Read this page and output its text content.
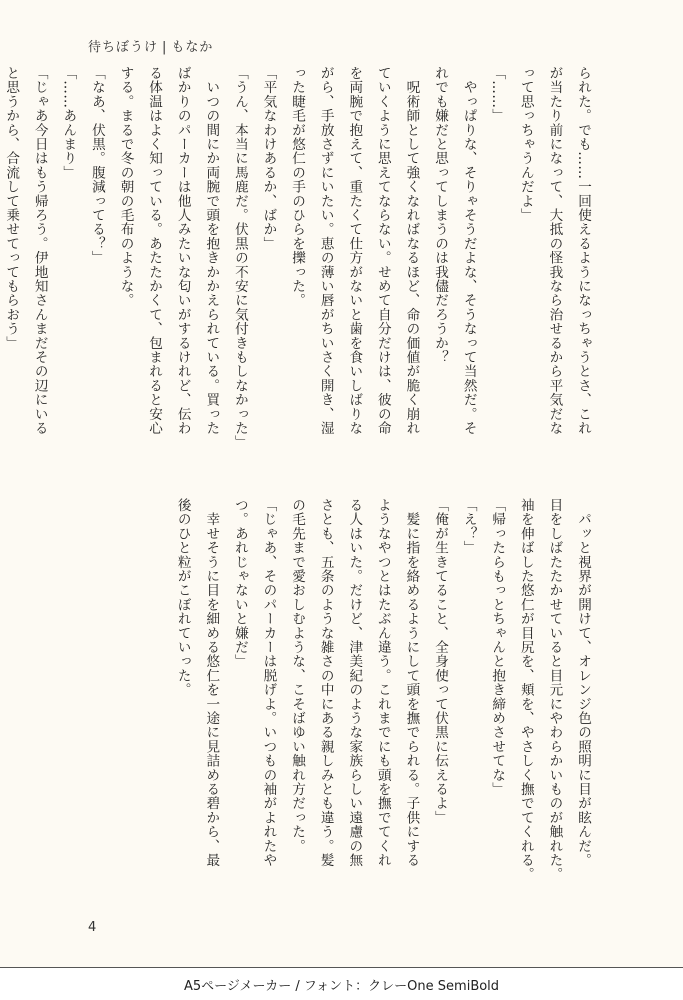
待ちぼうけ | もなか
られた。でも……一回使えるようになっちゃうとさ、これ
が当たり前になって、大抵の怪我なら治せるから平気だな
って思っちゃうんだよ」
「……」
　やっぱりな、そりゃそうだよな、そうなって当然だ。そ
れでも嫌だと思ってしまうのは我儘だろうか？
　呪術師として強くなればなるほど、命の価値が脆く崩れ
ていくように思えてならない。せめて自分だけは、彼の命
を両腕で抱えて、重たくて仕方がないと歯を食いしばりな
がら、手放さずにいたい。恵の薄い唇がちいさく開き、湿
った睫毛が悠仁の手のひらを擽った。
「平気なわけあるか、ばか」
「うん、本当に馬鹿だ。伏黒の不安に気付きもしなかった」
　いつの間にか両腕で頭を抱きかかえられている。買った
ばかりのパーカーは他人みたいな匂いがするけれど、伝わ
る体温はよく知っている。あたたかくて、包まれると安心
する。まるで冬の朝の毛布のような。
「なあ、伏黒。腹減ってる？」
「……あんまり」
「じゃあ今日はもう帰ろう。伊地知さんまだその辺にいる
と思うから、合流して乗せてってもらおう」
　パッと視界が開けて、オレンジ色の照明に目が眩んだ。
目をしばたたかせていると目元にやわらかいものが触れた。
袖を伸ばした悠仁が目尻を、頬を、やさしく撫でてくれる。
「帰ったらもっとちゃんと抱き締めさせてな」
「え？」
「俺が生きてること、全身使って伏黒に伝えるよ」
　髪に指を絡めるようにして頭を撫でられる。子供にする
ようなやつとはたぶん違う。これまでにも頭を撫でてくれ
る人はいた。だけど、津美紀のような家族らしい遠慮の無
さとも、五条のような雑さの中にある親しみとも違う。髪
の毛先まで愛おしむような、こそばゆい触れ方だった。
「じゃあ、そのパーカーは脱げよ。いつもの袖がよれたや
つ。あれじゃないと嫌だ」
　幸せそうに目を細める悠仁を一途に見詰める碧から、最
後のひと粒がこぼれていった。
4
A5ページメーカー / フォント：クレーOne SemiBold
